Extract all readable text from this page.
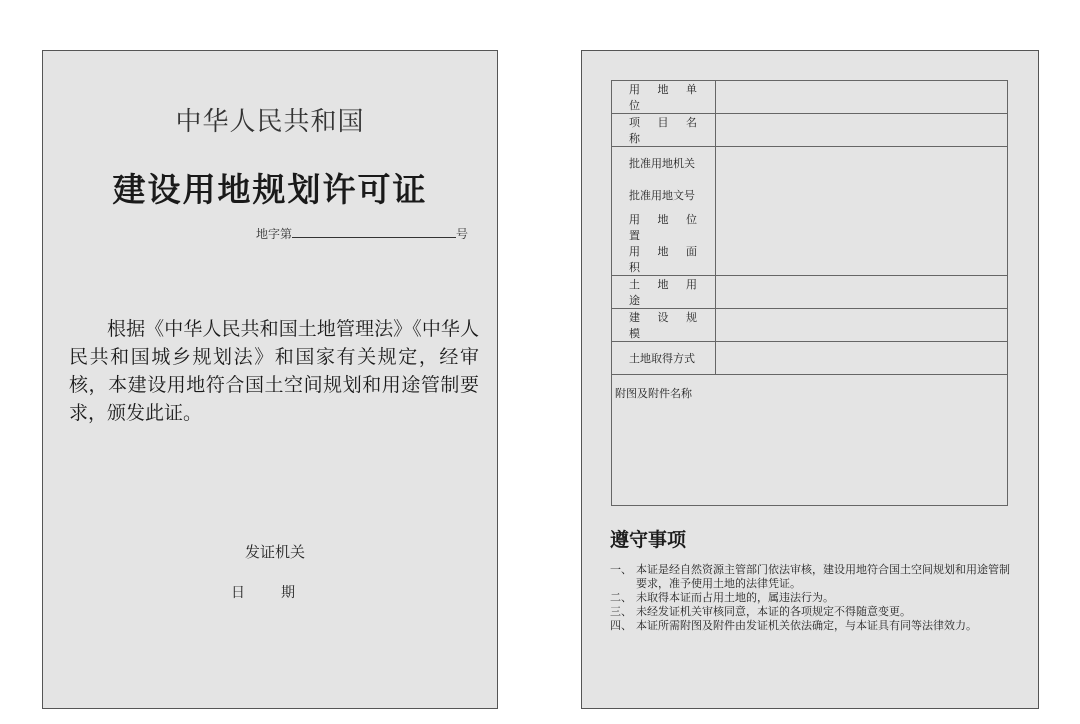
中华人民共和国
建设用地规划许可证
地字第	号
根据《中华人民共和国土地管理法》《中华人民共和国城乡规划法》和国家有关规定，经审核，本建设用地符合国土空间规划和用途管制要求，颁发此证。
发证机关
日	期
用 地 单 位	
项 目 名 称	
批准用地机关	
批准用地文号	
用 地 位 置	
用 地 面 积	
土 地 用 途	
建 设 规 模	
土地取得方式	
附图及附件名称	
遵守事项
一、 本证是经自然资源主管部门依法审核，建设用地符合国土空间规划和用途管制要求，准予使用土地的法律凭证。
二、 未取得本证而占用土地的，属违法行为。
三、 未经发证机关审核同意，本证的各项规定不得随意变更。
四、 本证所需附图及附件由发证机关依法确定，与本证具有同等法律效力。
